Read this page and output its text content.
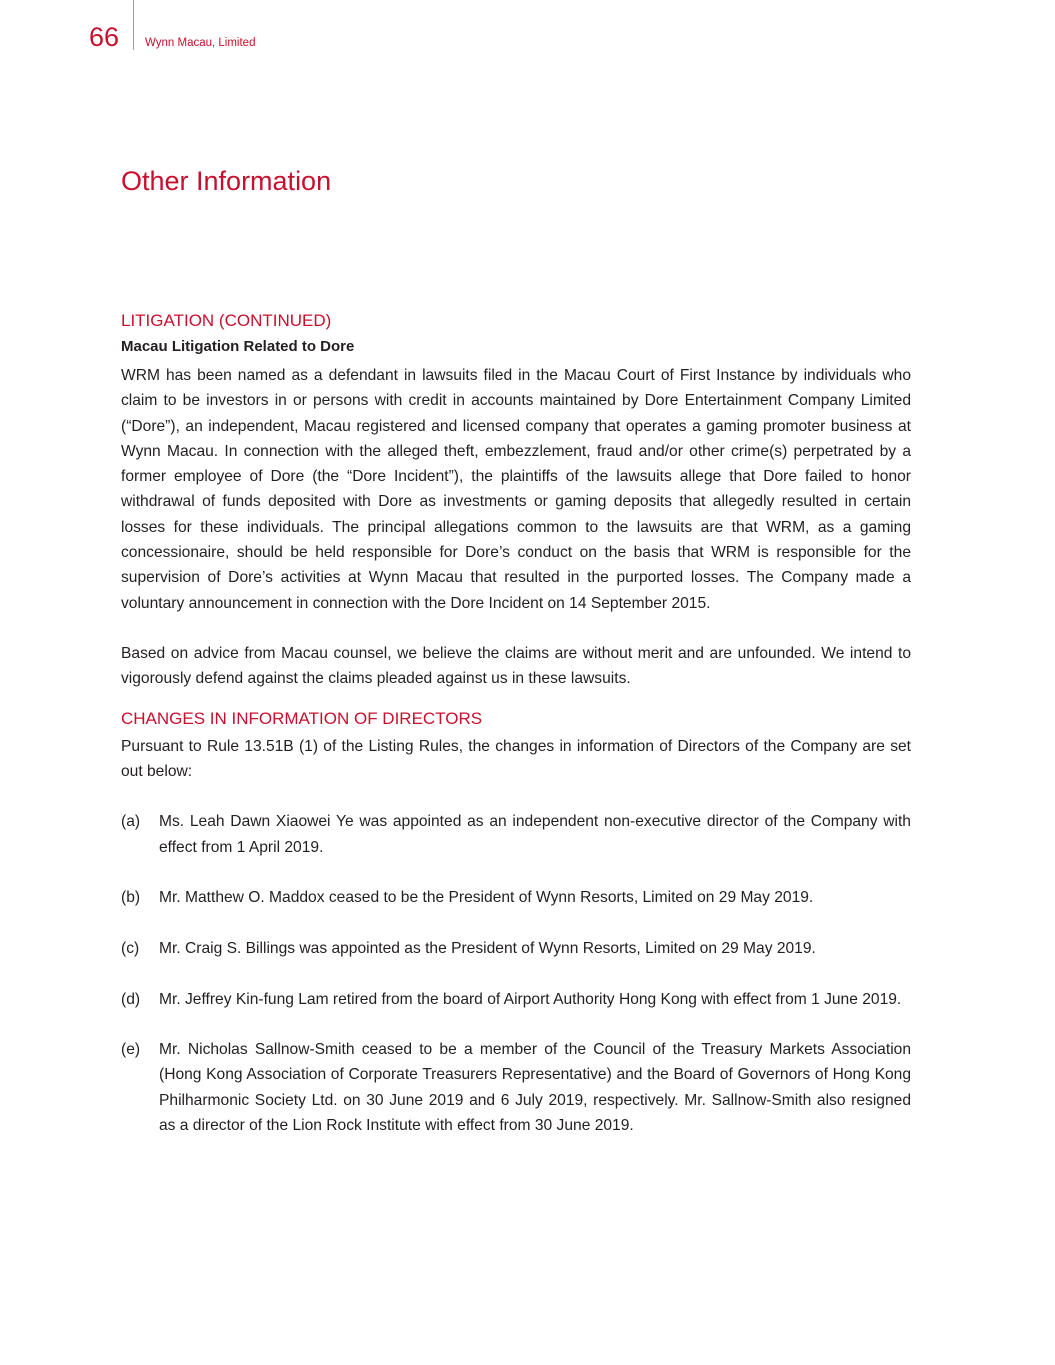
66 Wynn Macau, Limited
Other Information
LITIGATION (CONTINUED)
Macau Litigation Related to Dore

WRM has been named as a defendant in lawsuits filed in the Macau Court of First Instance by individuals who claim to be investors in or persons with credit in accounts maintained by Dore Entertainment Company Limited (“Dore”), an independent, Macau registered and licensed company that operates a gaming promoter business at Wynn Macau. In connection with the alleged theft, embezzlement, fraud and/or other crime(s) perpetrated by a former employee of Dore (the “Dore Incident”), the plaintiffs of the lawsuits allege that Dore failed to honor withdrawal of funds deposited with Dore as investments or gaming deposits that allegedly resulted in certain losses for these individuals. The principal allegations common to the lawsuits are that WRM, as a gaming concessionaire, should be held responsible for Dore’s conduct on the basis that WRM is responsible for the supervision of Dore’s activities at Wynn Macau that resulted in the purported losses. The Company made a voluntary announcement in connection with the Dore Incident on 14 September 2015.

Based on advice from Macau counsel, we believe the claims are without merit and are unfounded. We intend to vigorously defend against the claims pleaded against us in these lawsuits.

CHANGES IN INFORMATION OF DIRECTORS

Pursuant to Rule 13.51B (1) of the Listing Rules, the changes in information of Directors of the Company are set out below:

(a)	Ms. Leah Dawn Xiaowei Ye was appointed as an independent non-executive director of the Company with effect from 1 April 2019.
(b)	Mr. Matthew O. Maddox ceased to be the President of Wynn Resorts, Limited on 29 May 2019.
(c)	Mr. Craig S. Billings was appointed as the President of Wynn Resorts, Limited on 29 May 2019.
(d)	Mr. Jeffrey Kin-fung Lam retired from the board of Airport Authority Hong Kong with effect from 1 June 2019.
(e)	Mr. Nicholas Sallnow-Smith ceased to be a member of the Council of the Treasury Markets Association (Hong Kong Association of Corporate Treasurers Representative) and the Board of Governors of Hong Kong Philharmonic Society Ltd. on 30 June 2019 and 6 July 2019, respectively. Mr. Sallnow-Smith also resigned as a director of the Lion Rock Institute with effect from 30 June 2019.
